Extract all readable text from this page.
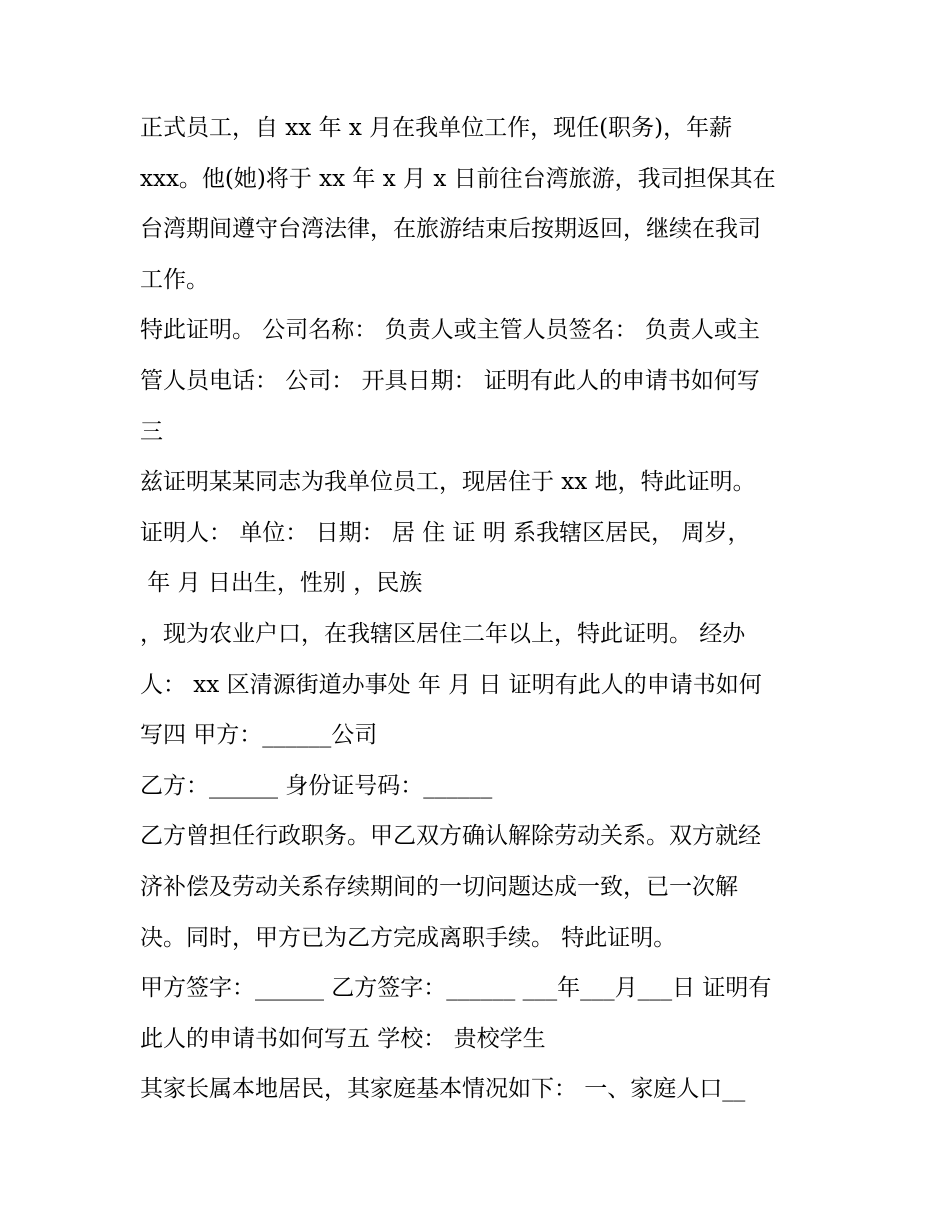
正式员工，自 xx 年 x 月在我单位工作，现任(职务)，年薪

xxx。他(她)将于 xx 年 x 月 x 日前往台湾旅游，我司担保其在

台湾期间遵守台湾法律，在旅游结束后按期返回，继续在我司

工作。

特此证明。 公司名称： 负责人或主管人员签名： 负责人或主

管人员电话： 公司： 开具日期： 证明有此人的申请书如何写

三

兹证明某某同志为我单位员工，现居住于 xx 地，特此证明。

证明人： 单位： 日期： 居 住 证 明 系我辖区居民， 周岁，

年 月 日出生，性别 ，民族

，现为农业户口，在我辖区居住二年以上，特此证明。 经办

人： xx 区清源街道办事处 年 月 日 证明有此人的申请书如何

写四 甲方：______公司

乙方：______ 身份证号码：______

乙方曾担任行政职务。甲乙双方确认解除劳动关系。双方就经

济补偿及劳动关系存续期间的一切问题达成一致，已一次解

决。同时，甲方已为乙方完成离职手续。 特此证明。

甲方签字：______ 乙方签字：______ ___年___月___日 证明有

此人的申请书如何写五 学校： 贵校学生

其家长属本地居民，其家庭基本情况如下： 一、家庭人口__
